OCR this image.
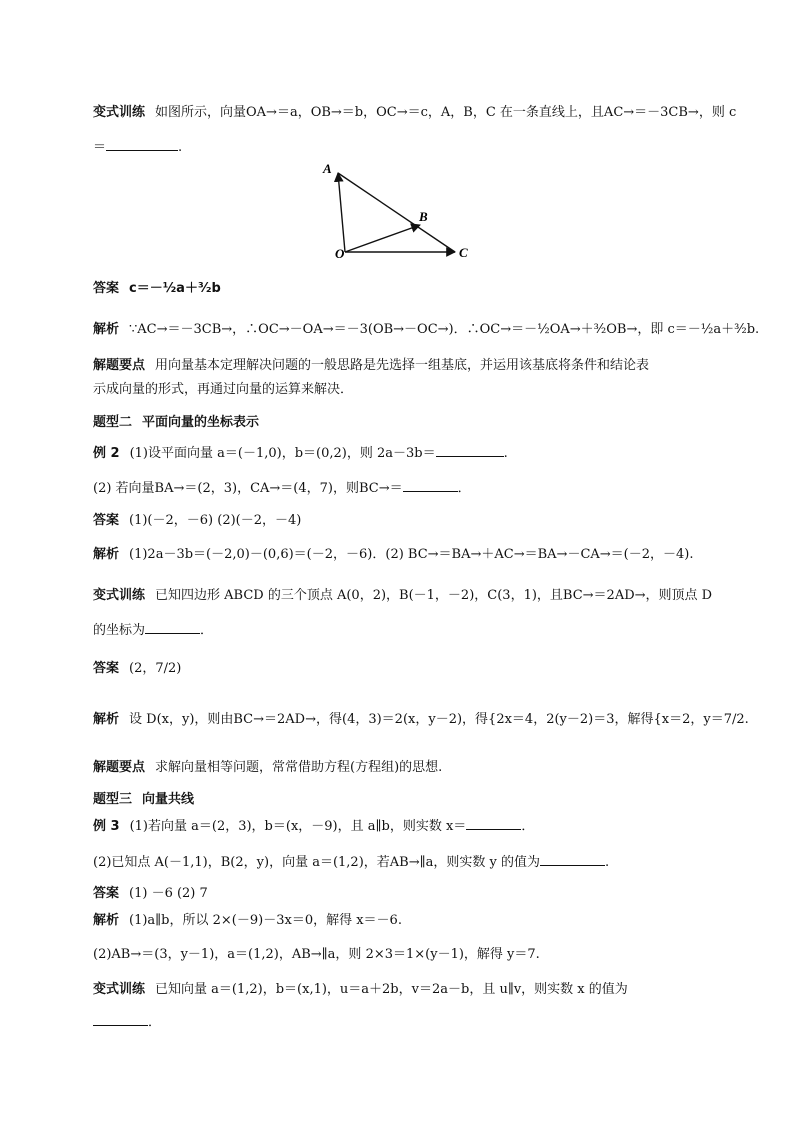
变式训练 如图所示，向量OA→＝a，OB→＝b，OC→＝c，A，B，C 在一条直线上，且AC→＝－3CB→，则 c
＝	.
A
B
C
O
答案 c＝－½a＋³⁄₂b
解析 ∵AC→＝－3CB→，∴OC→－OA→＝－3(OB→－OC→)．∴OC→＝－½OA→＋³⁄₂OB→，即 c＝－½a＋³⁄₂b.
解题要点 用向量基本定理解决问题的一般思路是先选择一组基底，并运用该基底将条件和结论表
示成向量的形式，再通过向量的运算来解决．
题型二 平面向量的坐标表示
例 2 (1)设平面向量 a＝(－1,0)，b＝(0,2)，则 2a－3b＝	.
(2) 若向量BA→＝(2，3)，CA→＝(4，7)，则BC→＝	．
答案 (1)(－2，－6) (2)(－2，－4)
解析 (1)2a－3b＝(－2,0)－(0,6)＝(－2，－6)．(2) BC→＝BA→＋AC→＝BA→－CA→＝(－2，－4).
变式训练 已知四边形 ABCD 的三个顶点 A(0，2)，B(－1，－2)，C(3，1)，且BC→＝2AD→，则顶点 D
的坐标为	．
答案 (2，7/2)
解析 设 D(x，y)，则由BC→＝2AD→，得(4，3)＝2(x，y－2)，得{2x＝4，2(y－2)＝3，解得{x＝2，y＝7/2.
解题要点 求解向量相等问题，常常借助方程(方程组)的思想.
题型三 向量共线
例 3 (1)若向量 a＝(2，3)，b＝(x，－9)，且 a∥b，则实数 x＝	．
(2)已知点 A(－1,1)，B(2，y)，向量 a＝(1,2)，若AB→∥a，则实数 y 的值为	.
答案 (1) －6 (2) 7
解析 (1)a∥b，所以 2×(－9)－3x＝0，解得 x＝－6.
(2)AB→＝(3，y－1)，a＝(1,2)，AB→∥a，则 2×3＝1×(y－1)，解得 y＝7.
变式训练 已知向量 a＝(1,2)，b＝(x,1)，u＝a＋2b，v＝2a－b，且 u∥v，则实数 x 的值为
．
